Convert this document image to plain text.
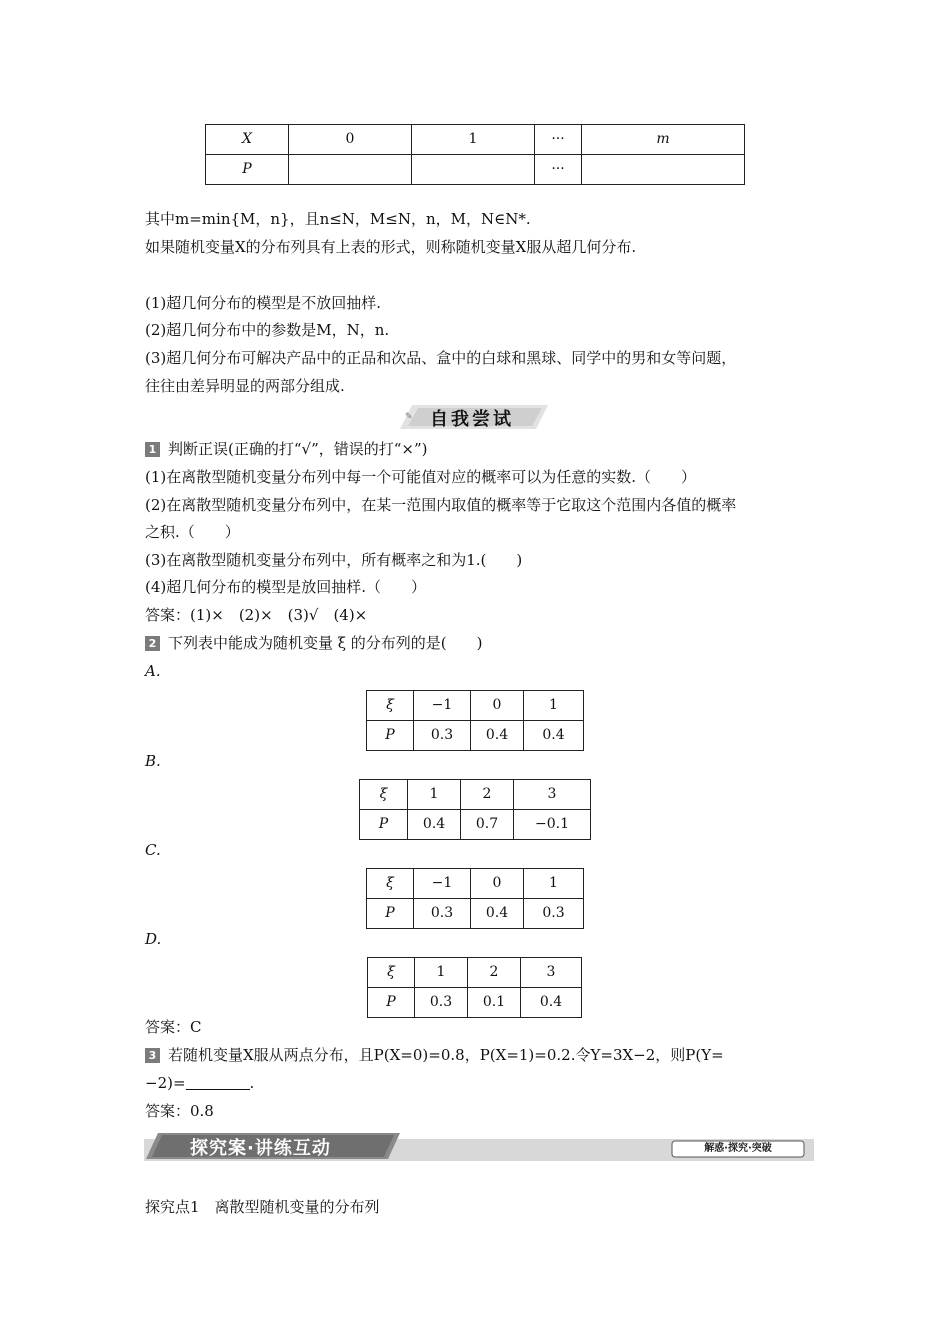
X	0	1	···	m
P			···	
其中m=min{M，n}，且n≤N，M≤N，n，M，N∈N*.
如果随机变量X的分布列具有上表的形式，则称随机变量X服从超几何分布.
(1)超几何分布的模型是不放回抽样.
(2)超几何分布中的参数是M，N，n.
(3)超几何分布可解决产品中的正品和次品、盒中的白球和黑球、同学中的男和女等问题，
往往由差异明显的两部分组成.
✎ 自我尝试
1 判断正误(正确的打“√”，错误的打“×”)
(1)在离散型随机变量分布列中每一个可能值对应的概率可以为任意的实数.（　　）
(2)在离散型随机变量分布列中，在某一范围内取值的概率等于它取这个范围内各值的概率
之积.（　　）
(3)在离散型随机变量分布列中，所有概率之和为1.(　　)
(4)超几何分布的模型是放回抽样.（　　）
答案：(1)×　(2)×　(3)√　(4)×
2 下列表中能成为随机变量 ξ 的分布列的是(　　)
A.
ξ	−1	0	1
P	0.3	0.4	0.4
B.
ξ	1	2	3
P	0.4	0.7	−0.1
C.
ξ	−1	0	1
P	0.3	0.4	0.3
D.
ξ	1	2	3
P	0.3	0.1	0.4
答案：C
3 若随机变量X服从两点分布，且P(X=0)=0.8，P(X=1)=0.2.令Y=3X−2，则P(Y=
−2)=	.
答案：0.8
探究案·讲练互动	解惑·探究·突破
探究点1　离散型随机变量的分布列
